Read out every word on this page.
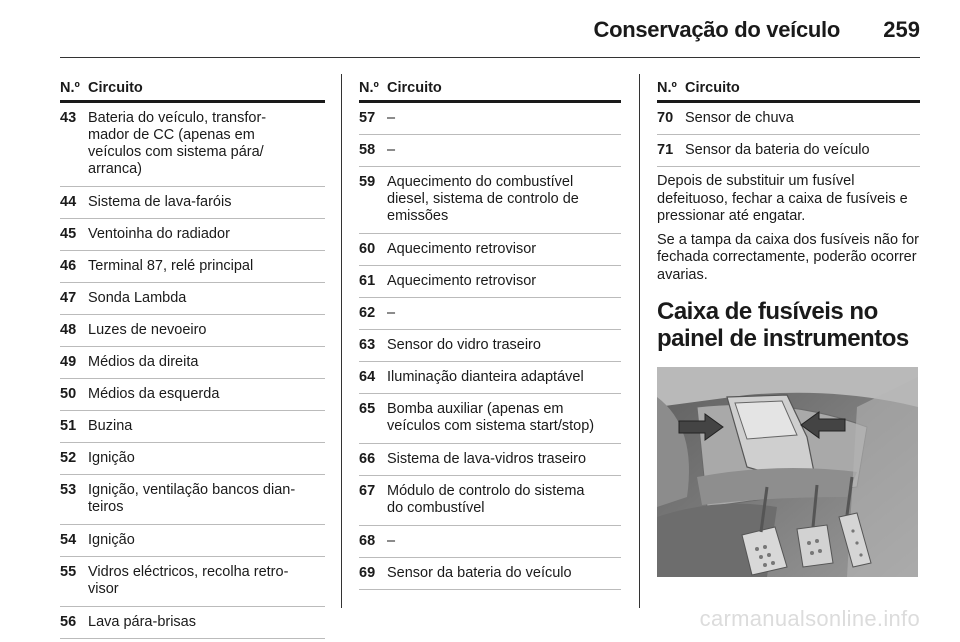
Conservação do veículo	259
N.º Circuito
43 Bateria do veículo, transfor-
mador de CC (apenas em
veículos com sistema pára/
arranca)
44 Sistema de lava-faróis
45 Ventoinha do radiador
46 Terminal 87, relé principal
47 Sonda Lambda
48 Luzes de nevoeiro
49 Médios da direita
50 Médios da esquerda
51 Buzina
52 Ignição
53 Ignição, ventilação bancos dian-
teiros
54 Ignição
55 Vidros eléctricos, recolha retro-
visor
56 Lava pára-brisas
N.º Circuito
57 –
58 –
59 Aquecimento do combustível
diesel, sistema de controlo de
emissões
60 Aquecimento retrovisor
61 Aquecimento retrovisor
62 –
63 Sensor do vidro traseiro
64 Iluminação dianteira adaptável
65 Bomba auxiliar (apenas em
veículos com sistema start/stop)
66 Sistema de lava-vidros traseiro
67 Módulo de controlo do sistema
do combustível
68 –
69 Sensor da bateria do veículo
N.º Circuito
70 Sensor de chuva
71 Sensor da bateria do veículo

Depois de substituir um fusível defeituoso, fechar a caixa de fusíveis e pressionar até engatar.

Se a tampa da caixa dos fusíveis não for fechada correctamente, poderão ocorrer avarias.

Caixa de fusíveis no painel de instrumentos
carmanualsonline.info
